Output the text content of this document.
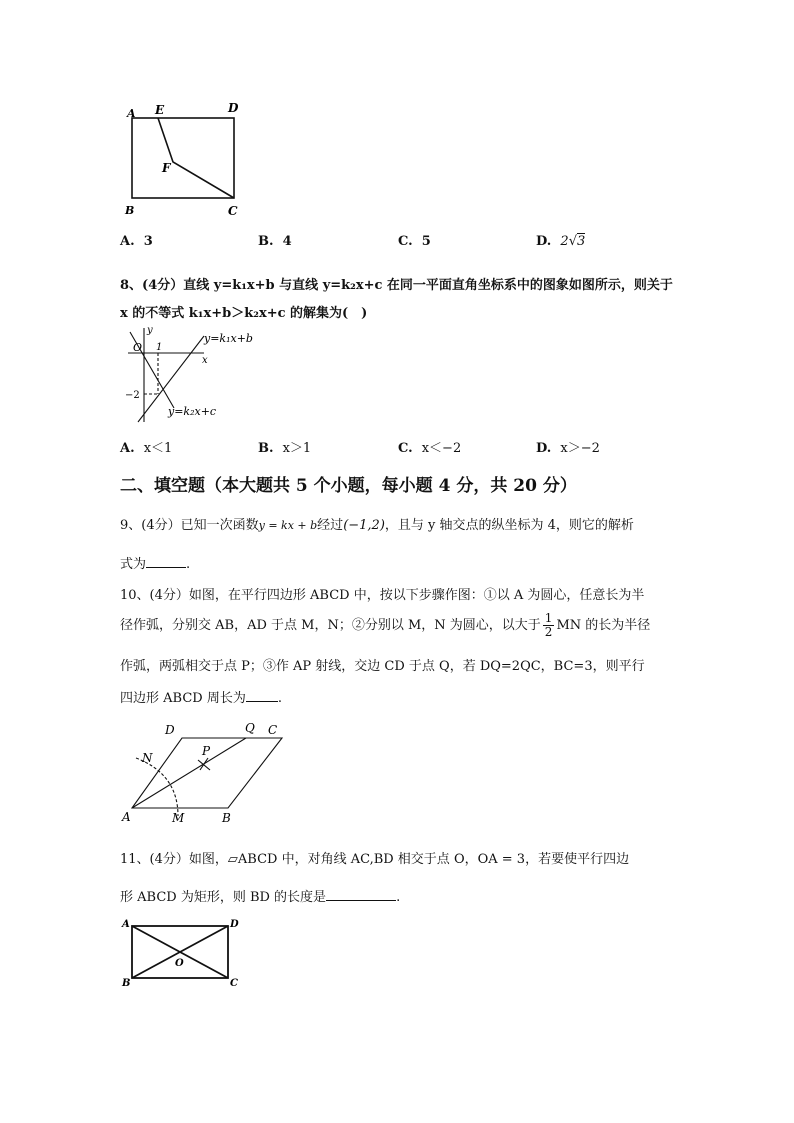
A E	D
F
B	C
A. 3	B. 4	C. 5	D. 2√3
8、(4分）直线 y=k₁x+b 与直线 y=k₂x+c 在同一平面直角坐标系中的图象如图所示，则关于
x 的不等式 k₁x+b＞k₂x+c 的解集为(　)
y
x
O 1
−2
y=k₁x+b
y=k₂x+c
A. x＜1	B. x＞1	C. x＜−2	D. x＞−2
二、填空题（本大题共 5 个小题，每小题 4 分，共 20 分）
9、(4分）已知一次函数y = kx + b经过(−1,2)，且与 y 轴交点的纵坐标为 4，则它的解析
式为	.
10、(4分）如图，在平行四边形 ABCD 中，按以下步骤作图：①以 A 为圆心，任意长为半
径作弧，分别交 AB，AD 于点 M，N；②分别以 M，N 为圆心，以大于 $\frac{1}{2}$ MN 的长为半径
作弧，两弧相交于点 P；③作 AP 射线，交边 CD 于点 Q，若 DQ=2QC，BC=3，则平行
四边形 ABCD 周长为 .
D	Q C
N	P
A	M	B
11、(4分）如图，▱ABCD 中，对角线 AC,BD 相交于点 O，OA = 3，若要使平行四边
形 ABCD 为矩形，则 BD 的长度是	.
A	D
O
B	C
